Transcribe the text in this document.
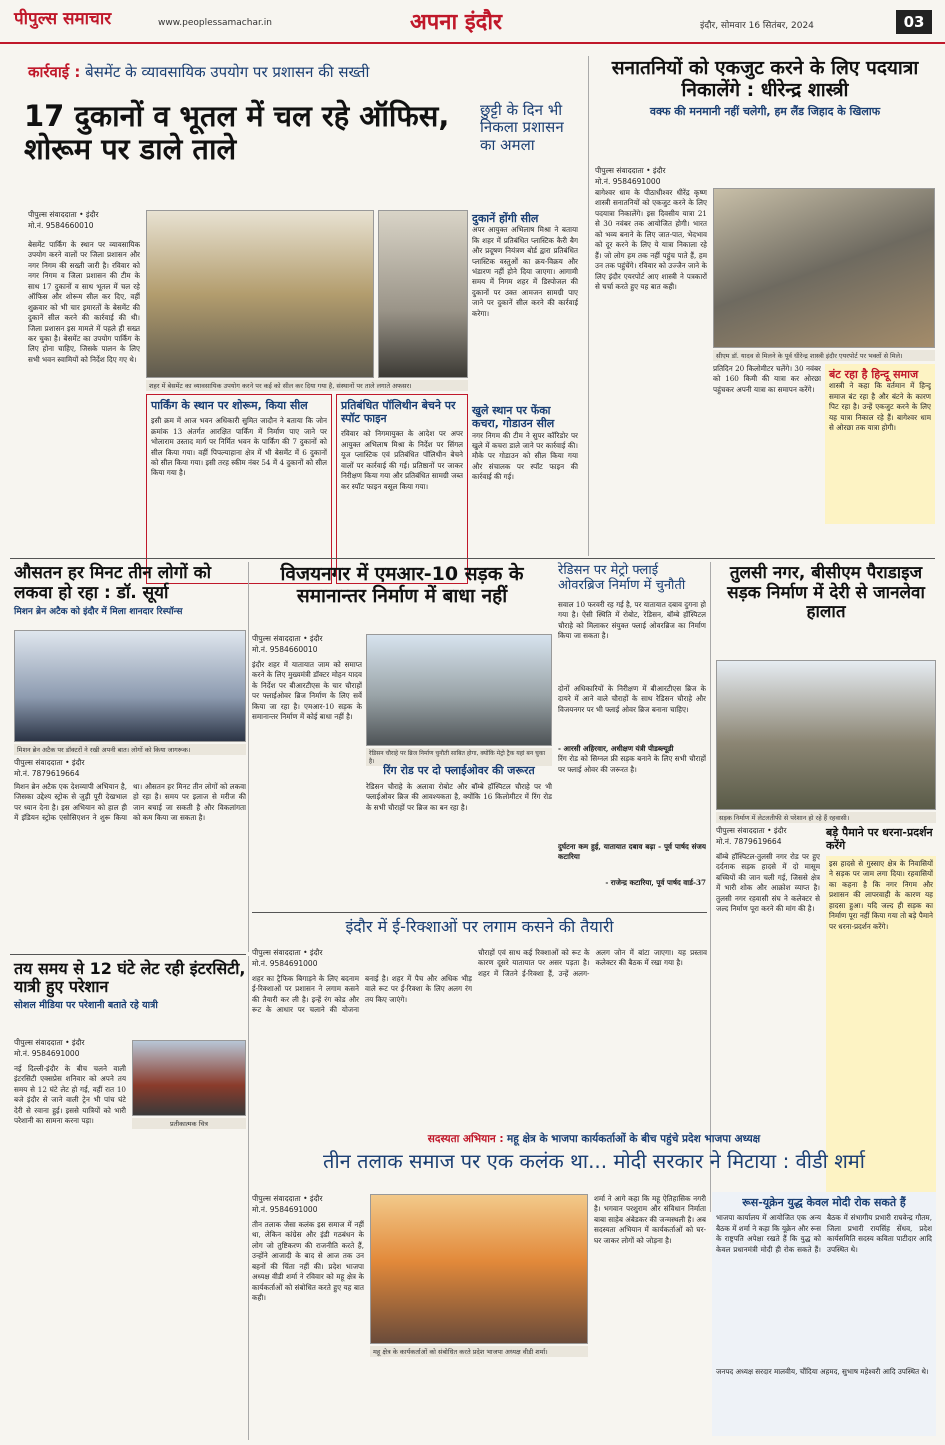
पीपुल्स समाचार	www.peoplessamachar.in	अपना इंदौर	इंदौर, सोमवार 16 सितंबर, 2024	03
कार्रवाई : बेसमेंट के व्यावसायिक उपयोग पर प्रशासन की सख्ती
17 दुकानों व भूतल में चल रहे ऑफिस, शोरूम पर डाले ताले
छुट्टी के दिन भी निकला प्रशासन का अमला
पीपुल्स संवाददाता • इंदौर
मो.नं. 9584660010
बेसमेंट पार्किंग के स्थान पर व्यावसायिक उपयोग करने वालों पर जिला प्रशासन और नगर निगम की सख्ती जारी है। रविवार को नगर निगम व जिला प्रशासन की टीम के साथ 17 दुकानों व साथ भूतल में चल रहे ऑफिस और शोरूम सील कर दिए, वहीं शुक्रवार को भी चार इमारतों के बेसमेंट की दुकानें सील करने की कार्रवाई की थी। जिला प्रशासन इस मामले में पहले ही सख्त कर चुका है। बेसमेंट का उपयोग पार्किंग के लिए होना चाहिए, जिसके पालन के लिए सभी भवन स्वामियों को निर्देश दिए गए थे।
शहर में बेसमेंट का व्यावसायिक उपयोग करने पर कई को सील कर दिया गया है, संस्थानों पर ताले लगाते अफसर।
पार्किंग के स्थान पर शोरूम, किया सील
इसी क्रम में आज भवन अधिकारी सुमित जादौन ने बताया कि जोन क्रमांक 13 अंतर्गत आरक्षित पार्किंग में निर्माण पाए जाने पर भोलाराम उस्ताद मार्ग पर निर्मित भवन के पार्किंग की 7 दुकानों को सील किया गया। वहीं पिपल्याहाना क्षेत्र में भी बेसमेंट में 6 दुकानों को सील किया गया। इसी तरह स्कीम नंबर 54 में 4 दुकानों को सील किया गया है।
प्रतिबंधित पॉलिथीन बेचने पर स्पॉट फाइन
रविवार को निगमायुक्त के आदेश पर अपर आयुक्त अभिलाष मिश्रा के निर्देश पर सिंगल यूज प्लास्टिक एवं प्रतिबंधित पॉलिथीन बेचने वालों पर कार्रवाई की गई। प्रतिष्ठानों पर जाकर निरीक्षण किया गया और प्रतिबंधित सामग्री जब्त कर स्पॉट फाइन वसूल किया गया।
दुकानें होंगी सील
अपर आयुक्त अभिलाष मिश्रा ने बताया कि शहर में प्रतिबंधित प्लास्टिक कैरी बैग और प्रदूषण नियंत्रण बोर्ड द्वारा प्रतिबंधित प्लास्टिक वस्तुओं का क्रय-विक्रय और भंडारण नहीं होने दिया जाएगा। आगामी समय में निगम शहर में डिस्पोजल की दुकानों पर उक्त आमजन सामग्री पाए जाने पर दुकानें सील करने की कार्रवाई करेगा।
खुले स्थान पर फेंका कचरा, गोडाउन सील
नगर निगम की टीम ने सुपर कॉरिडोर पर खुले में कचरा डाले जाने पर कार्रवाई की। मौके पर गोडाउन को सील किया गया और संचालक पर स्पॉट फाइन की कार्रवाई की गई।
सनातनियों को एकजुट करने के लिए पदयात्रा निकालेंगे : धीरेन्द्र शास्त्री
वक्फ की मनमानी नहीं चलेगी, हम लैंड जिहाद के खिलाफ
पीपुल्स संवाददाता • इंदौर
मो.नं. 9584691000
बागेश्वर धाम के पीठाधीश्वर धीरेंद्र कृष्ण शास्त्री सनातनियों को एकजुट करने के लिए पदयात्रा निकालेंगे। इस दिवसीय यात्रा 21 से 30 नवंबर तक आयोजित होगी। भारत को भव्य बनाने के लिए जात-पात, भेदभाव को दूर करने के लिए ये यात्रा निकाला रहे हैं। जो लोग हम तक नहीं पहुंच पाते हैं, हम उन तक पहुंचेंगे। रविवार को उज्जैन जाने के लिए इंदौर एयरपोर्ट आए शास्त्री ने पत्रकारों से चर्चा करते हुए यह बात कही।
सीएम डॉ. यादव से मिलने के पूर्व धीरेन्द्र शास्त्री इंदौर एयरपोर्ट पर भक्तों से मिले।
प्रतिदिन 20 किलोमीटर चलेंगे। 30 नवंबर को 160 किमी की यात्रा कर ओरछा पहुंचकर अपनी यात्रा का समापन करेंगे।
बंट रहा है हिन्दू समाज
शास्त्री ने कहा कि वर्तमान में हिन्दू समाज बंट रहा है और बंटने के कारण पिट रहा है। उन्हें एकजुट करने के लिए यह यात्रा निकाल रहे हैं। बागेश्वर धाम से ओरछा तक यात्रा होगी।
औसतन हर मिनट तीन लोगों को लकवा हो रहा : डॉ. सूर्या
मिशन ब्रेन अटैक को इंदौर में मिला शानदार रिस्पॉन्स
मिशन ब्रेन अटैक पर डॉक्टरों ने रखी अपनी बात। लोगों को किया जागरूक।
पीपुल्स संवाददाता • इंदौर
मो.नं. 7879619664
मिशन ब्रेन अटैक एक देशव्यापी अभियान है, जिसका उद्देश्य स्ट्रोक से जुड़ी पूरी देखभाल पर ध्यान देना है। इस अभियान को हाल ही में इंडियन स्ट्रोक एसोसिएशन ने शुरू किया था। औसतन हर मिनट तीन लोगों को लकवा हो रहा है। समय पर इलाज से मरीज की जान बचाई जा सकती है और विकलांगता को कम किया जा सकता है।
विजयनगर में एमआर-10 सड़क के समानान्तर निर्माण में बाधा नहीं
पीपुल्स संवाददाता • इंदौर
मो.नं. 9584660010
इंदौर शहर में यातायात जाम को समाप्त करने के लिए मुख्यमंत्री डॉक्टर मोहन यादव के निर्देश पर बीआरटीएस के चार चौराहों पर फ्लाईओवर ब्रिज निर्माण के लिए सर्वे किया जा रहा है। एमआर-10 सड़क के समानान्तर निर्माण में कोई बाधा नहीं है।
रेडिसन चौराहे पर ब्रिज निर्माण चुनौती साबित होगा, क्योंकि मेट्रो ट्रैक यहां बन चुका है।
रिंग रोड पर दो फ्लाईओवर की जरूरत
रेडिसन चौराहे के अलावा रोबोट और बॉम्बे हॉस्पिटल चौराहे पर भी फ्लाईओवर ब्रिज की आवश्यकता है, क्योंकि 16 किलोमीटर में रिंग रोड के सभी चौराहों पर ब्रिज का बन रहा है।
रेडिसन पर मेट्रो फ्लाई ओवरब्रिज निर्माण में चुनौती
सवाल 10 फरवरी रह गई है, पर यातायात दबाव दुगना हो गया है। ऐसी स्थिति में रोबोट, रेडिसन, बॉम्बे हॉस्पिटल चौराहे को मिलाकर संयुक्त फ्लाई ओवरब्रिज का निर्माण किया जा सकता है।
दोनों अधिकारियों के निरीक्षण में बीआरटीएस ब्रिज के दायरे में आने वाले चौराहों के साथ रेडिसन चौराहे और विजयनगर पर भी फ्लाई ओवर ब्रिज बनाना चाहिए।
- आरसी अहिरवार, अधीक्षण यंत्री पीडब्ल्यूडी
रिंग रोड को सिग्नल फ्री सड़क बनाने के लिए सभी चौराहों पर फ्लाई ओवर की जरूरत है।
दुर्घटना कम हुई, यातायात दबाव बढ़ा - पूर्व पार्षद संजय कटारिया
- राजेन्द्र कटारिया, पूर्व पार्षद वार्ड-37
तुलसी नगर, बीसीएम पैराडाइज सड़क निर्माण में देरी से जानलेवा हालात
सड़क निर्माण में लेटलतीफी से परेशान हो रहे हैं रहवासी।
पीपुल्स संवाददाता • इंदौर
मो.नं. 7879619664
बॉम्बे हॉस्पिटल-तुलसी नगर रोड पर हुए दर्दनाक सड़क हादसे में दो मासूम बच्चियों की जान चली गई, जिससे क्षेत्र में भारी शोक और आक्रोश व्याप्त है। तुलसी नगर रहवासी संघ ने कलेक्टर से जल्द निर्माण पूरा करने की मांग की है।
बड़े पैमाने पर धरना-प्रदर्शन करेंगे
इस हादसे से गुस्साए क्षेत्र के निवासियों ने सड़क पर जाम लगा दिया। रहवासियों का कहना है कि नगर निगम और प्रशासन की लापरवाही के कारण यह हादसा हुआ। यदि जल्द ही सड़क का निर्माण पूरा नहीं किया गया तो बड़े पैमाने पर धरना-प्रदर्शन करेंगे।
इंदौर में ई-रिक्शाओं पर लगाम कसने की तैयारी
पीपुल्स संवाददाता • इंदौर
मो.नं. 9584691000
शहर का ट्रैफिक बिगाड़ने के लिए बदनाम ई-रिक्शाओं पर प्रशासन ने लगाम कसने की तैयारी कर ली है। इन्हें रंग कोड और रूट के आधार पर चलाने की योजना बनाई है। शहर में पैच और अधिक भीड़ वाले रूट पर ई-रिक्शा के लिए अलग रंग तय किए जाएंगे।
चौराहों एवं साथ कई रिक्शाओं को रूट के कारण दूसरे यातायात पर असर पड़ता है। शहर में जितने ई-रिक्शा हैं, उन्हें अलग-अलग जोन में बांटा जाएगा। यह प्रस्ताव कलेक्टर की बैठक में रखा गया है।
तय समय से 12 घंटे लेट रही इंटरसिटी, यात्री हुए परेशान
सोशल मीडिया पर परेशानी बताते रहे यात्री
पीपुल्स संवाददाता • इंदौर
मो.नं. 9584691000
प्रतीकात्मक चित्र
नई दिल्ली-इंदौर के बीच चलने वाली इंटरसिटी एक्सप्रेस शनिवार को अपने तय समय से 12 घंटे लेट हो गई, वहीं रात 10 बजे इंदौर से जाने वाली ट्रेन भी पांच घंटे देरी से रवाना हुई। इससे यात्रियों को भारी परेशानी का सामना करना पड़ा।
सदस्यता अभियान : महू क्षेत्र के भाजपा कार्यकर्ताओं के बीच पहुंचे प्रदेश भाजपा अध्यक्ष
तीन तलाक समाज पर एक कलंक था... मोदी सरकार ने मिटाया : वीडी शर्मा
पीपुल्स संवाददाता • इंदौर
मो.नं. 9584691000
तीन तलाक जैसा कलंक इस समाज में नहीं था, लेकिन कांग्रेस और इंडी गठबंधन के लोग जो तुष्टिकरण की राजनीति करते हैं, उन्होंने आजादी के बाद से आज तक उन बहनों की चिंता नहीं की। प्रदेश भाजपा अध्यक्ष वीडी शर्मा ने रविवार को महू क्षेत्र के कार्यकर्ताओं को संबोधित करते हुए यह बात कही।
महू क्षेत्र के कार्यकर्ताओं को संबोधित करते प्रदेश भाजपा अध्यक्ष वीडी शर्मा।
शर्मा ने आगे कहा कि महू ऐतिहासिक नगरी है। भगवान परशुराम और संविधान निर्माता बाबा साहेब अंबेडकर की जन्मस्थली है। अब सदस्यता अभियान में कार्यकर्ताओं को घर-घर जाकर लोगों को जोड़ना है।
रूस-यूक्रेन युद्ध केवल मोदी रोक सकते हैं
भाजपा कार्यालय में आयोजित एक अन्य बैठक में शर्मा ने कहा कि यूक्रेन और रूस के राष्ट्रपति अपेक्षा रखते हैं कि युद्ध को केवल प्रधानमंत्री मोदी ही रोक सकते हैं। बैठक में संभागीय प्रभारी राघवेन्द्र गौतम, जिला प्रभारी रायसिंह सेंधव, प्रदेश कार्यसमिति सदस्य कविता पाटीदार आदि उपस्थित थे।
जनपद अध्यक्ष सरदार मालवीय, चौंदिया अहमद, सुभाष महेश्वरी आदि उपस्थित थे।
